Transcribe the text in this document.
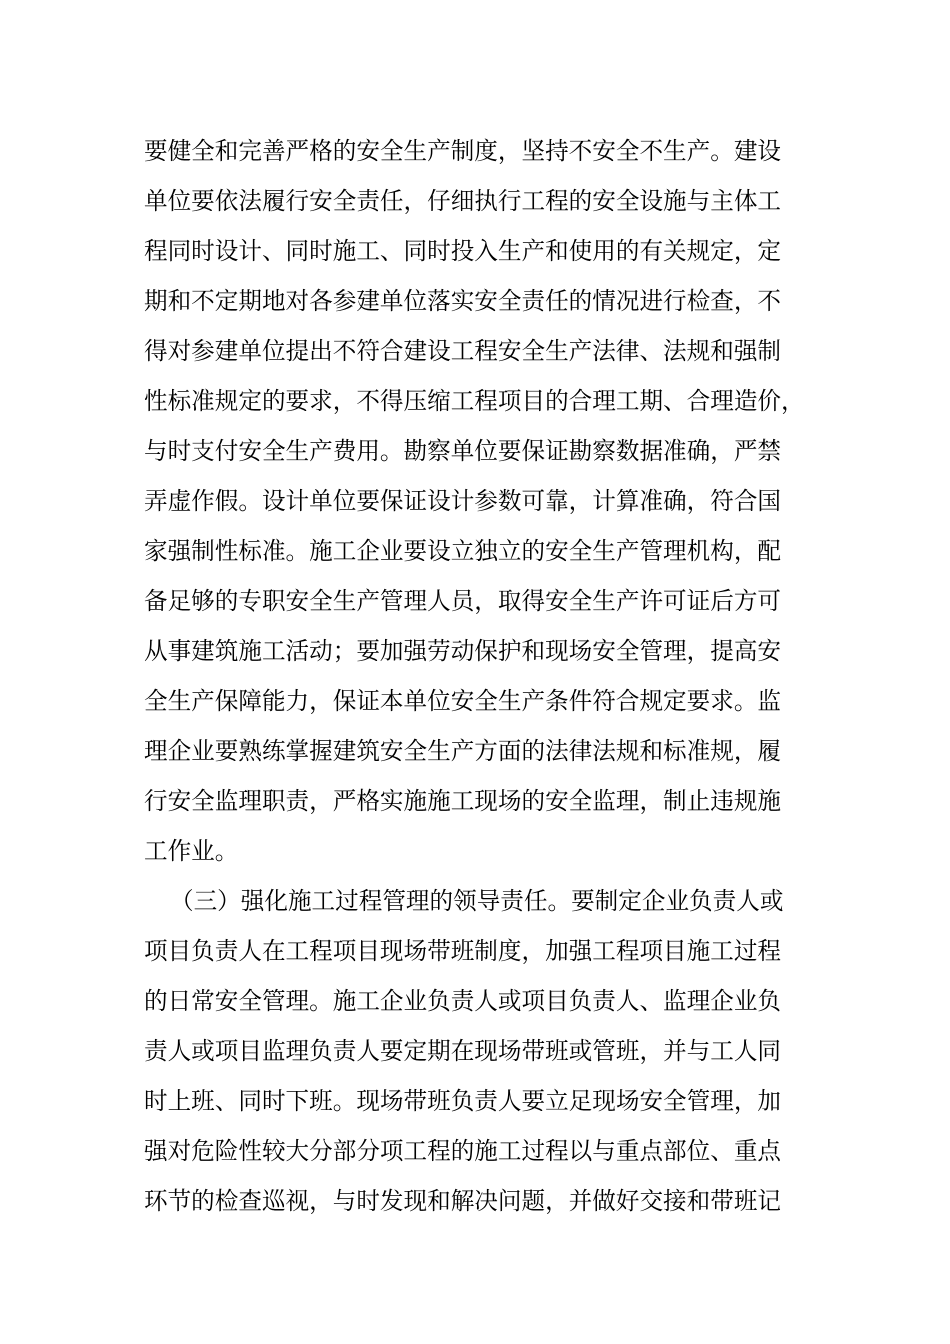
要健全和完善严格的安全生产制度，坚持不安全不生产。建设
单位要依法履行安全责任，仔细执行工程的安全设施与主体工
程同时设计、同时施工、同时投入生产和使用的有关规定，定
期和不定期地对各参建单位落实安全责任的情况进行检查，不
得对参建单位提出不符合建设工程安全生产法律、法规和强制
性标准规定的要求，不得压缩工程项目的合理工期、合理造价，
与时支付安全生产费用。勘察单位要保证勘察数据准确，严禁
弄虚作假。设计单位要保证设计参数可靠，计算准确，符合国
家强制性标准。施工企业要设立独立的安全生产管理机构，配
备足够的专职安全生产管理人员，取得安全生产许可证后方可
从事建筑施工活动；要加强劳动保护和现场安全管理，提高安
全生产保障能力，保证本单位安全生产条件符合规定要求。监
理企业要熟练掌握建筑安全生产方面的法律法规和标准规，履
行安全监理职责，严格实施施工现场的安全监理，制止违规施
工作业。
（三）强化施工过程管理的领导责任。要制定企业负责人或
项目负责人在工程项目现场带班制度，加强工程项目施工过程
的日常安全管理。施工企业负责人或项目负责人、监理企业负
责人或项目监理负责人要定期在现场带班或管班，并与工人同
时上班、同时下班。现场带班负责人要立足现场安全管理，加
强对危险性较大分部分项工程的施工过程以与重点部位、重点
环节的检查巡视，与时发现和解决问题，并做好交接和带班记
